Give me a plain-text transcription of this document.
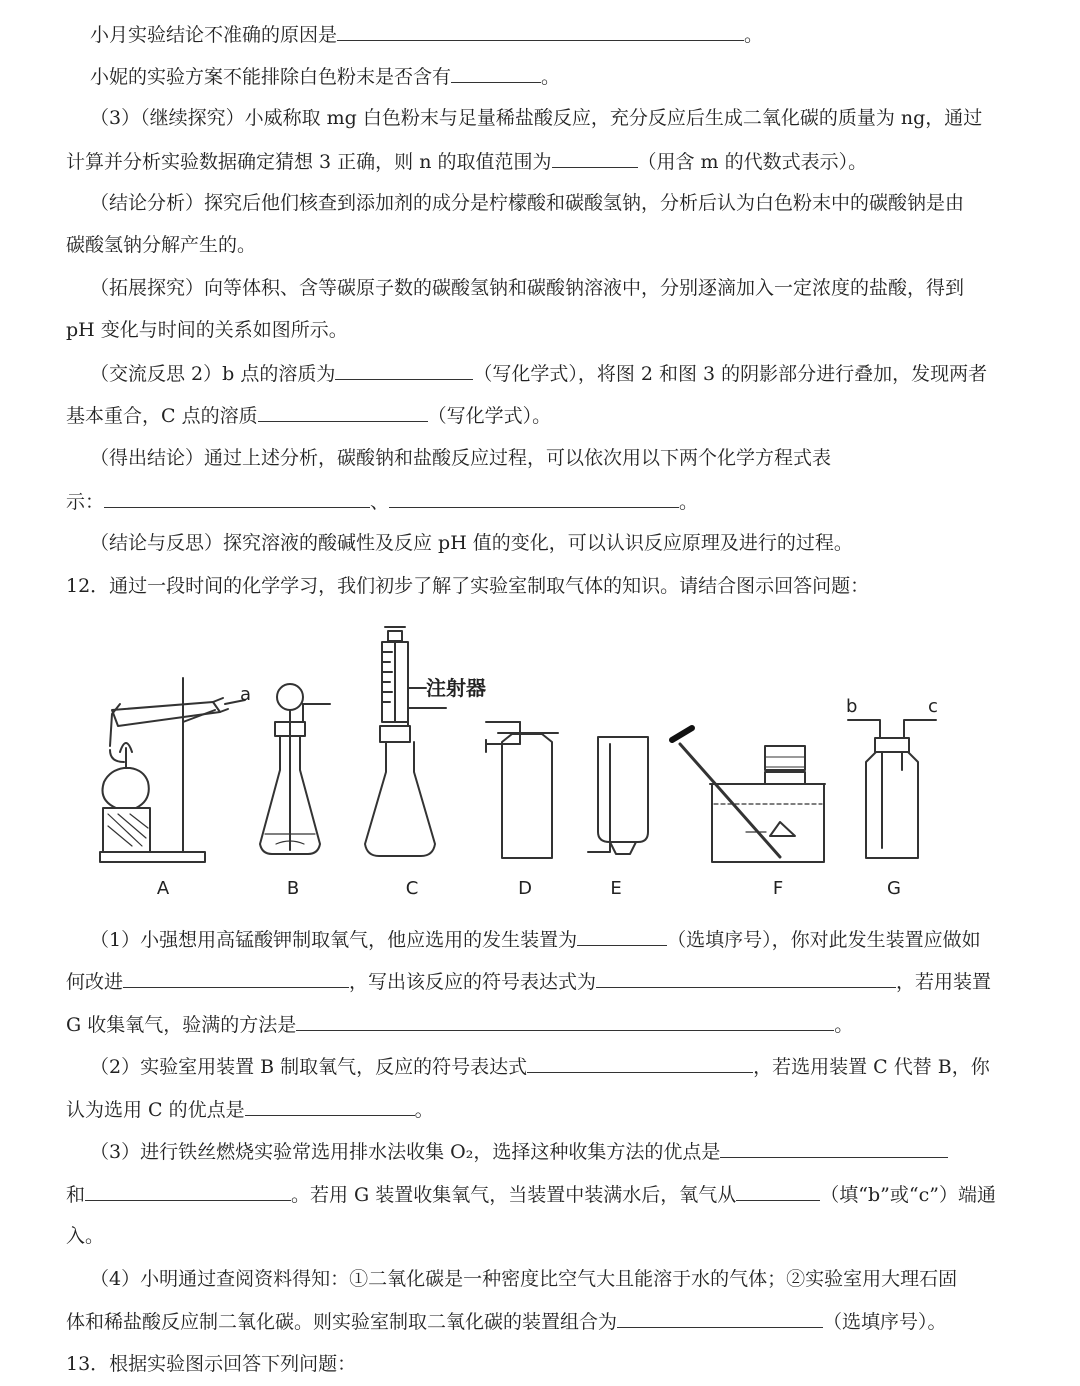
小月实验结论不准确的原因是	。
小妮的实验方案不能排除白色粉末是否含有	。
（3）（继续探究）小威称取 mg 白色粉末与足量稀盐酸反应，充分反应后生成二氧化碳的质量为 ng，通过
计算并分析实验数据确定猜想 3 正确，则 n 的取值范围为	（用含 m 的代数式表示）。
（结论分析）探究后他们核查到添加剂的成分是柠檬酸和碳酸氢钠，分析后认为白色粉末中的碳酸钠是由
碳酸氢钠分解产生的。
（拓展探究）向等体积、含等碳原子数的碳酸氢钠和碳酸钠溶液中，分别逐滴加入一定浓度的盐酸，得到
pH 变化与时间的关系如图所示。
（交流反思 2）b 点的溶质为	（写化学式），将图 2 和图 3 的阴影部分进行叠加，发现两者
基本重合，C 点的溶质	（写化学式）。
（得出结论）通过上述分析，碳酸钠和盐酸反应过程，可以依次用以下两个化学方程式表
示：	、	。
（结论与反思）探究溶液的酸碱性及反应 pH 值的变化，可以认识反应原理及进行的过程。
12．通过一段时间的化学学习，我们初步了解了实验室制取气体的知识。请结合图示回答问题：
a	注射器
b	c
A	B	C	D	E	F	G
（1）小强想用高锰酸钾制取氧气，他应选用的发生装置为	（选填序号），你对此发生装置应做如
何改进	，写出该反应的符号表达式为	，若用装置
G 收集氧气，验满的方法是	。
（2）实验室用装置 B 制取氧气，反应的符号表达式	，若选用装置 C 代替 B，你
认为选用 C 的优点是	。
（3）进行铁丝燃烧实验常选用排水法收集 O₂，选择这种收集方法的优点是
和	。若用 G 装置收集氧气，当装置中装满水后，氧气从	（填“b”或“c”）端通
入。
（4）小明通过查阅资料得知：①二氧化碳是一种密度比空气大且能溶于水的气体；②实验室用大理石固
体和稀盐酸反应制二氧化碳。则实验室制取二氧化碳的装置组合为	（选填序号）。
13．根据实验图示回答下列问题：
